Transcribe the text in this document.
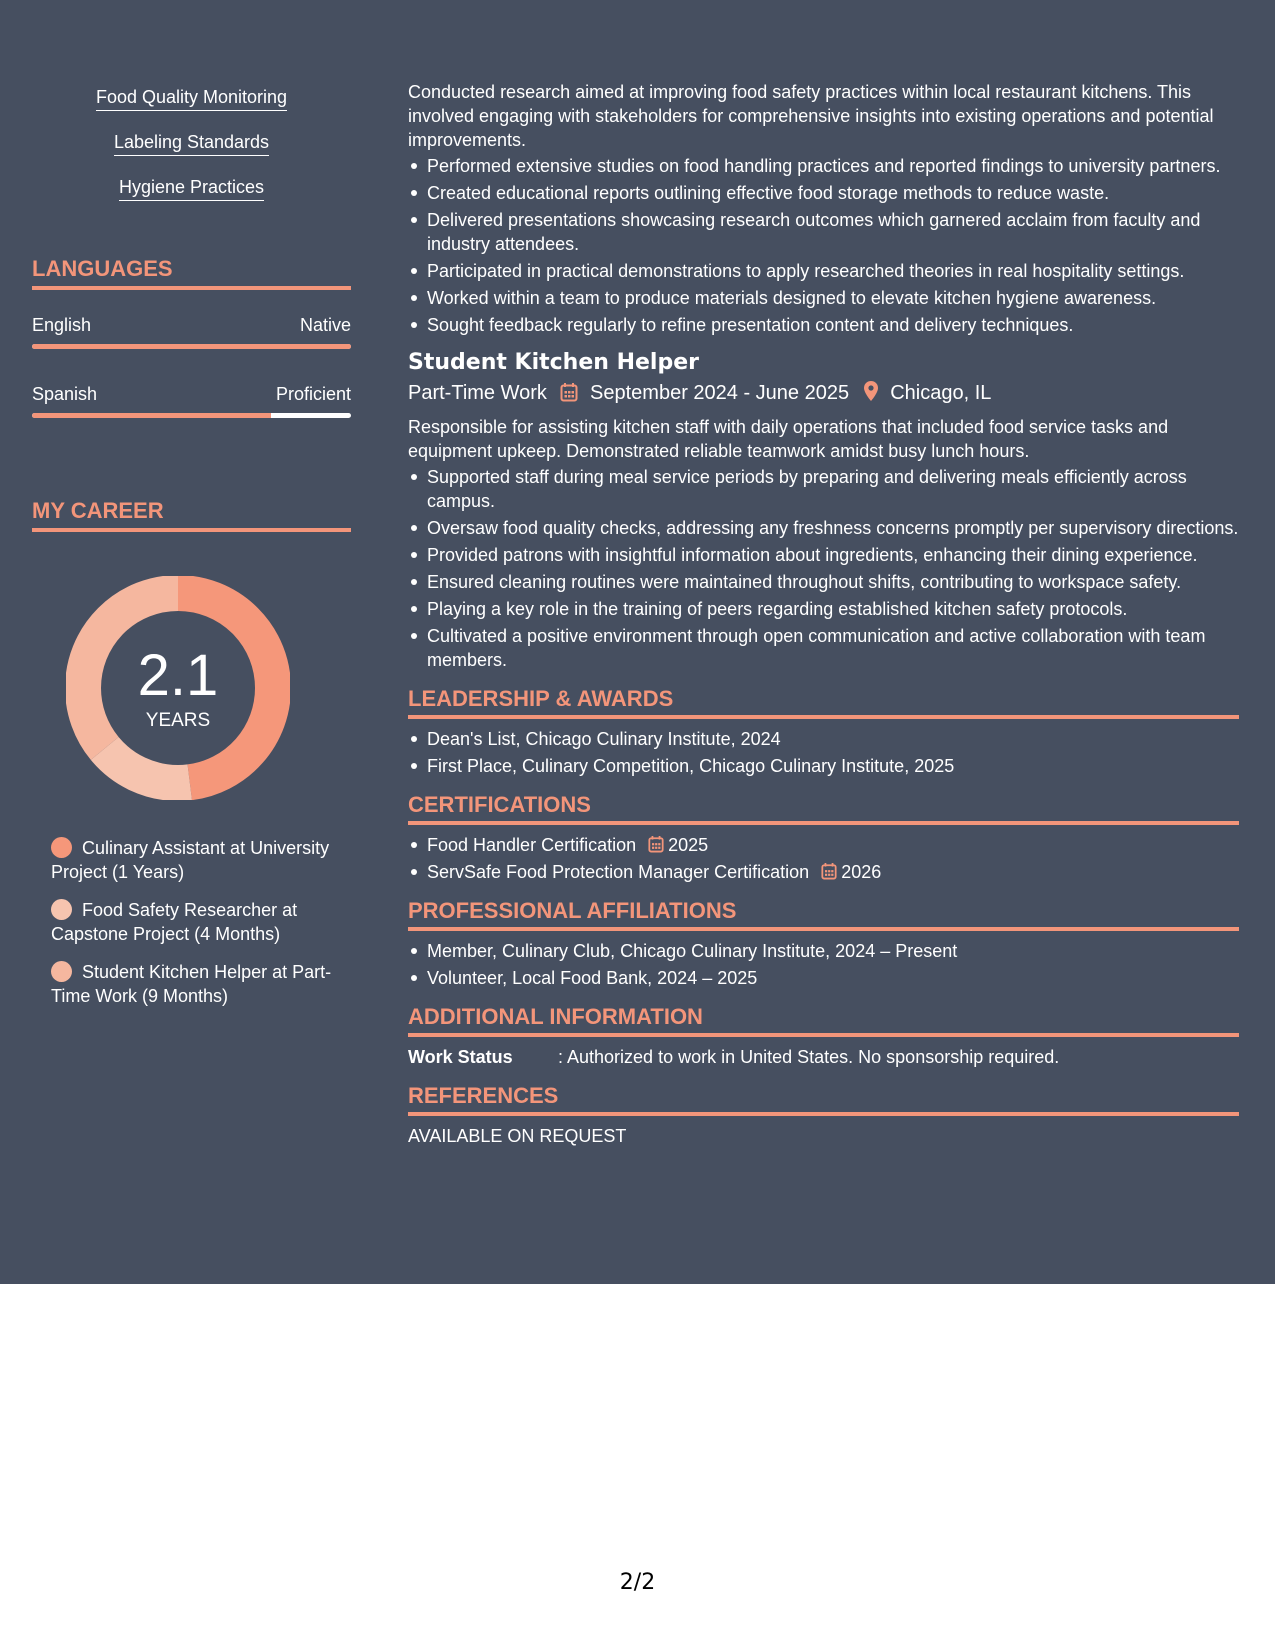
Food Quality Monitoring
Labeling Standards
Hygiene Practices
LANGUAGES
English	Native
Spanish	Proficient
MY CAREER
2.1
YEARS
Culinary Assistant at University Project (1 Years)
Food Safety Researcher at Capstone Project (4 Months)
Student Kitchen Helper at Part-Time Work (9 Months)

Conducted research aimed at improving food safety practices within local restaurant kitchens. This involved engaging with stakeholders for comprehensive insights into existing operations and potential improvements.

Performed extensive studies on food handling practices and reported findings to university partners.
Created educational reports outlining effective food storage methods to reduce waste.
Delivered presentations showcasing research outcomes which garnered acclaim from faculty and industry attendees.
Participated in practical demonstrations to apply researched theories in real hospitality settings.
Worked within a team to produce materials designed to elevate kitchen hygiene awareness.
Sought feedback regularly to refine presentation content and delivery techniques.
Student Kitchen Helper
Part-Time Work September 2024 - June 2025 Chicago, IL

Responsible for assisting kitchen staff with daily operations that included food service tasks and equipment upkeep. Demonstrated reliable teamwork amidst busy lunch hours.

Supported staff during meal service periods by preparing and delivering meals efficiently across campus.
Oversaw food quality checks, addressing any freshness concerns promptly per supervisory directions.
Provided patrons with insightful information about ingredients, enhancing their dining experience.
Ensured cleaning routines were maintained throughout shifts, contributing to workspace safety.
Playing a key role in the training of peers regarding established kitchen safety protocols.
Cultivated a positive environment through open communication and active collaboration with team members.
LEADERSHIP & AWARDS
Dean's List, Chicago Culinary Institute, 2024
First Place, Culinary Competition, Chicago Culinary Institute, 2025
CERTIFICATIONS
Food Handler Certification 2025
ServSafe Food Protection Manager Certification 2026
PROFESSIONAL AFFILIATIONS
Member, Culinary Club, Chicago Culinary Institute, 2024 – Present
Volunteer, Local Food Bank, 2024 – 2025
ADDITIONAL INFORMATION
Work Status	: Authorized to work in United States. No sponsorship required.
REFERENCES

AVAILABLE ON REQUEST

2/2
